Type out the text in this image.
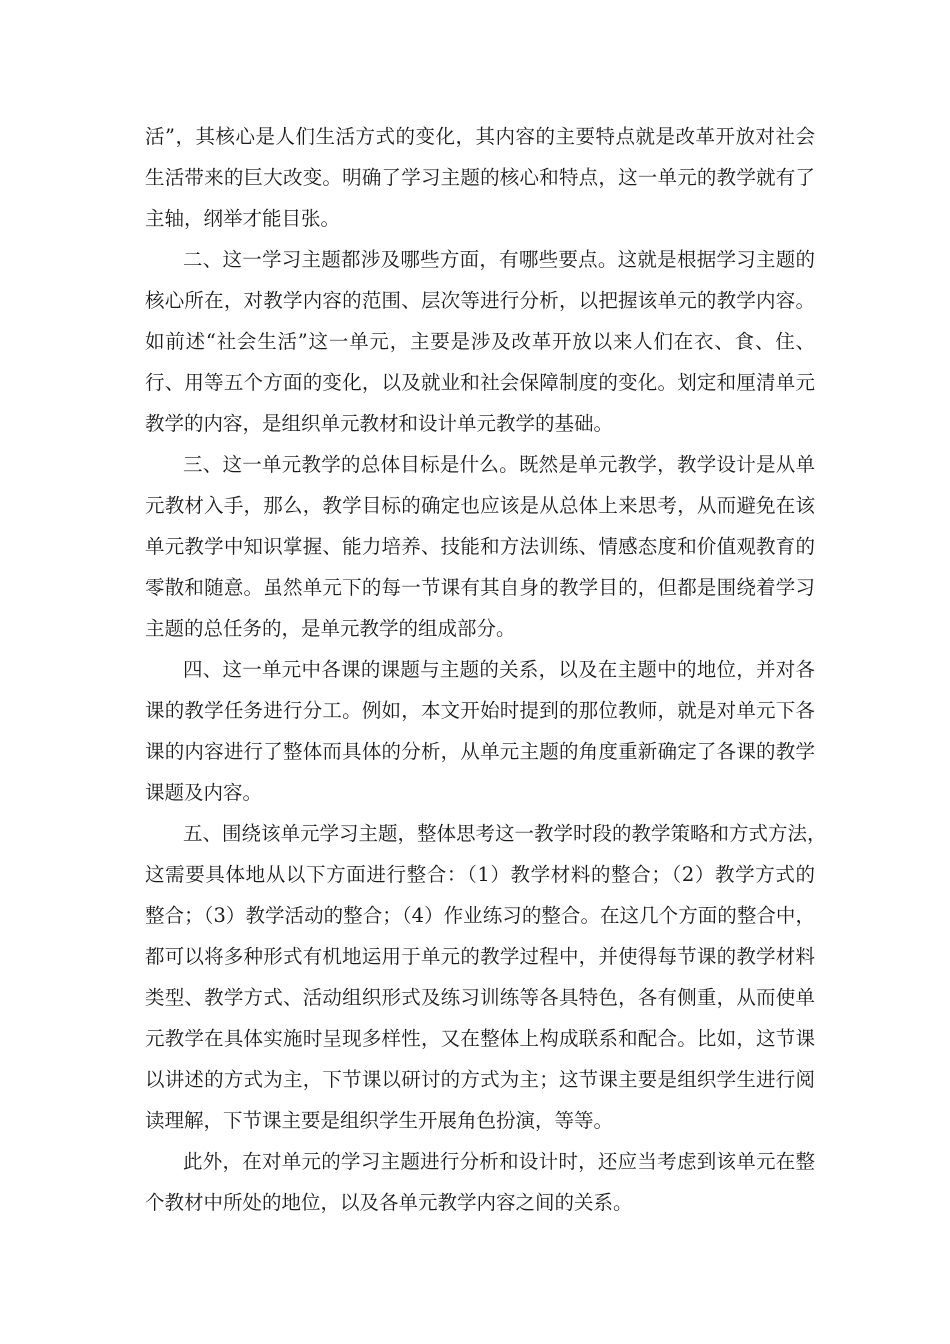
活”，其核心是人们生活方式的变化，其内容的主要特点就是改革开放对社会
生活带来的巨大改变。明确了学习主题的核心和特点，这一单元的教学就有了
主轴，纲举才能目张。
二、这一学习主题都涉及哪些方面，有哪些要点。这就是根据学习主题的
核心所在，对教学内容的范围、层次等进行分析，以把握该单元的教学内容。
如前述“社会生活”这一单元，主要是涉及改革开放以来人们在衣、食、住、
行、用等五个方面的变化，以及就业和社会保障制度的变化。划定和厘清单元
教学的内容，是组织单元教材和设计单元教学的基础。
三、这一单元教学的总体目标是什么。既然是单元教学，教学设计是从单
元教材入手，那么，教学目标的确定也应该是从总体上来思考，从而避免在该
单元教学中知识掌握、能力培养、技能和方法训练、情感态度和价值观教育的
零散和随意。虽然单元下的每一节课有其自身的教学目的，但都是围绕着学习
主题的总任务的，是单元教学的组成部分。
四、这一单元中各课的课题与主题的关系，以及在主题中的地位，并对各
课的教学任务进行分工。例如，本文开始时提到的那位教师，就是对单元下各
课的内容进行了整体而具体的分析，从单元主题的角度重新确定了各课的教学
课题及内容。
五、围绕该单元学习主题，整体思考这一教学时段的教学策略和方式方法，
这需要具体地从以下方面进行整合：（1）教学材料的整合；（2）教学方式的
整合；（3）教学活动的整合；（4）作业练习的整合。在这几个方面的整合中，
都可以将多种形式有机地运用于单元的教学过程中，并使得每节课的教学材料
类型、教学方式、活动组织形式及练习训练等各具特色，各有侧重，从而使单
元教学在具体实施时呈现多样性，又在整体上构成联系和配合。比如，这节课
以讲述的方式为主，下节课以研讨的方式为主；这节课主要是组织学生进行阅
读理解，下节课主要是组织学生开展角色扮演，等等。
此外，在对单元的学习主题进行分析和设计时，还应当考虑到该单元在整
个教材中所处的地位，以及各单元教学内容之间的关系。
